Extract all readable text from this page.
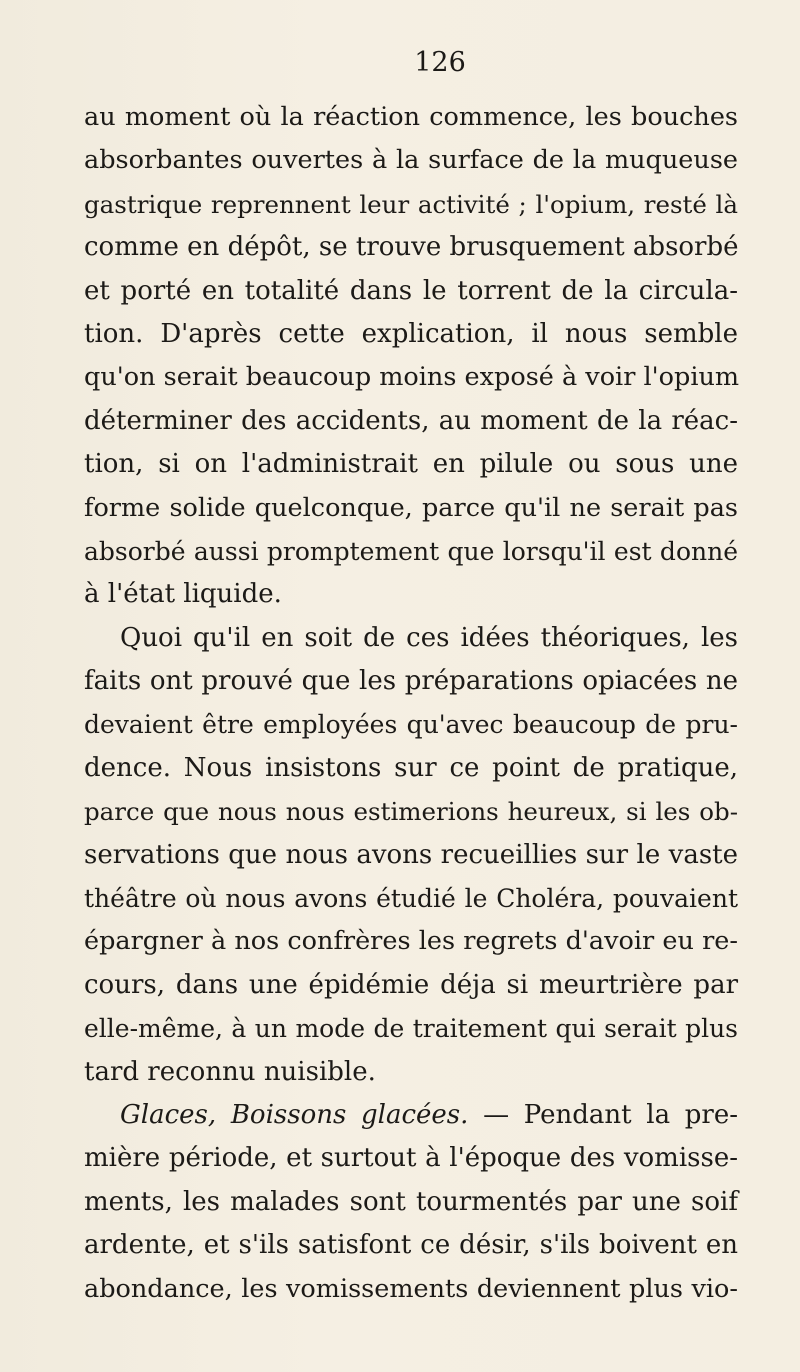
126
au moment où la réaction commence, les bouches
absorbantes ouvertes à la surface de la muqueuse
gastrique reprennent leur activité ; l'opium, resté là
comme en dépôt, se trouve brusquement absorbé
et porté en totalité dans le torrent de la circula-
tion. D'après cette explication, il nous semble
qu'on serait beaucoup moins exposé à voir l'opium
déterminer des accidents, au moment de la réac-
tion, si on l'administrait en pilule ou sous une
forme solide quelconque, parce qu'il ne serait pas
absorbé aussi promptement que lorsqu'il est donné
à l'état liquide.
Quoi qu'il en soit de ces idées théoriques, les
faits ont prouvé que les préparations opiacées ne
devaient être employées qu'avec beaucoup de pru-
dence. Nous insistons sur ce point de pratique,
parce que nous nous estimerions heureux, si les ob-
servations que nous avons recueillies sur le vaste
théâtre où nous avons étudié le Choléra, pouvaient
épargner à nos confrères les regrets d'avoir eu re-
cours, dans une épidémie déja si meurtrière par
elle-même, à un mode de traitement qui serait plus
tard reconnu nuisible.
Glaces, Boissons glacées. — Pendant la pre-
mière période, et surtout à l'époque des vomisse-
ments, les malades sont tourmentés par une soif
ardente, et s'ils satisfont ce désir, s'ils boivent en
abondance, les vomissements deviennent plus vio-
